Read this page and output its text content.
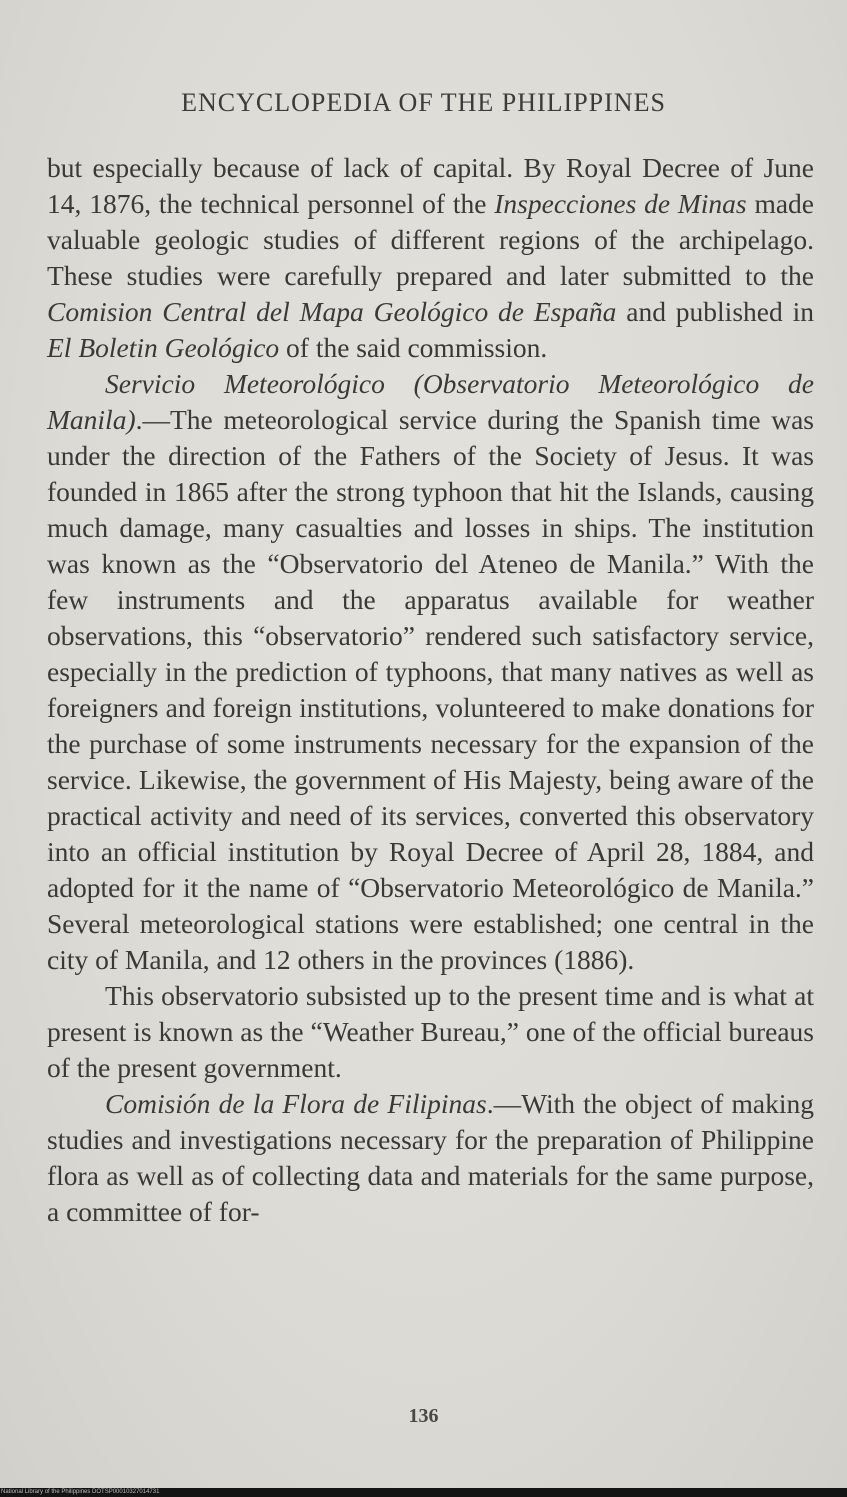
ENCYCLOPEDIA OF THE PHILIPPINES

but especially because of lack of capital. By Royal Decree of June 14, 1876, the technical personnel of the Inspecciones de Minas made valuable geologic studies of different regions of the archipelago. These studies were carefully prepared and later submitted to the Comision Central del Mapa Geológico de España and published in El Boletin Geológico of the said commission.

Servicio Meteorológico (Observatorio Meteorológico de Manila).—The meteorological service during the Spanish time was under the direction of the Fathers of the Society of Jesus. It was founded in 1865 after the strong typhoon that hit the Islands, causing much damage, many casualties and losses in ships. The institution was known as the “Observatorio del Ateneo de Manila.” With the few instruments and the apparatus available for weather observations, this “observatorio” rendered such satisfactory service, especially in the prediction of typhoons, that many natives as well as foreigners and foreign institutions, volunteered to make donations for the purchase of some instruments necessary for the expansion of the service. Likewise, the government of His Majesty, being aware of the practical activity and need of its services, converted this observatory into an official institution by Royal Decree of April 28, 1884, and adopted for it the name of “Observatorio Meteorológico de Manila.” Several meteorological stations were established; one central in the city of Manila, and 12 others in the provinces (1886).

This observatorio subsisted up to the present time and is what at present is known as the “Weather Bureau,” one of the official bureaus of the present government.

Comisión de la Flora de Filipinas.—With the object of making studies and investigations necessary for the preparation of Philippine flora as well as of collecting data and materials for the same purpose, a committee of for-

136
National Library of the Philippines DOTSP00010327014731
